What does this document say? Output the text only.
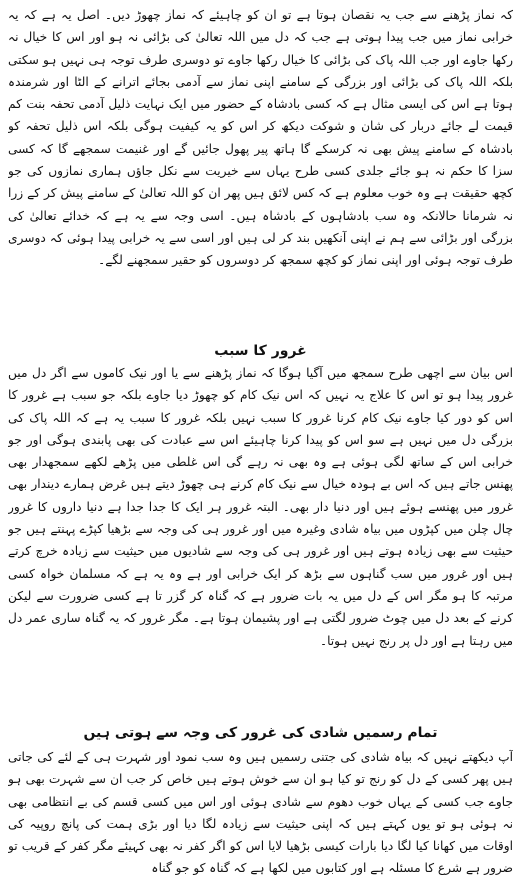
کہ نماز پڑھنے سے جب یہ نقصان ہوتا ہے تو ان کو چاہیئے کہ نماز چھوڑ دیں۔ اصل یہ ہے کہ یہ خرابی نماز میں جب پیدا ہوتی ہے جب کہ دل میں اللہ تعالیٰ کی بڑائی نہ ہو اور اس کا خیال نہ رکھا جاوے اور جب اللہ پاک کی بڑائی کا خیال رکھا جاوے تو دوسری طرف توجہ ہی نہیں ہو سکتی بلکہ اللہ پاک کی بڑائی اور بزرگی کے سامنے اپنی نماز سے آدمی بجائے اترانے کے الٹا اور شرمندہ ہوتا ہے اس کی ایسی مثال ہے کہ کسی بادشاہ کے حضور میں ایک نہایت ذلیل آدمی تحفہ بنت کم قیمت لے جائے دربار کی شان و شوکت دیکھ کر اس کو یہ کیفیت ہوگی بلکہ اس ذلیل تحفہ کو بادشاہ کے سامنے پیش بھی نہ کرسکے گا ہاتھ پیر پھول جائیں گے اور غنیمت سمجھے گا کہ کسی سزا کا حکم نہ ہو جائے جلدی کسی طرح یہاں سے خیریت سے نکل جاؤں ہماری نمازوں کی جو کچھ حقیقت ہے وہ خوب معلوم ہے کہ کس لائق ہیں پھر ان کو اللہ تعالیٰ کے سامنے پیش کر کے زرا نہ شرمانا حالانکہ وہ سب بادشاہوں کے بادشاہ ہیں۔ اسی وجہ سے یہ ہے کہ خدائے تعالیٰ کی بزرگی اور بڑائی سے ہم نے اپنی آنکھیں بند کر لی ہیں اور اسی سے یہ خرابی پیدا ہوئی کہ دوسری طرف توجہ ہوئی اور اپنی نماز کو کچھ سمجھ کر دوسروں کو حقیر سمجھنے لگے۔

غرور کا سبب

اس بیان سے اچھی طرح سمجھ میں آگیا ہوگا کہ نماز پڑھنے سے یا اور نیک کاموں سے اگر دل میں غرور پیدا ہو تو اس کا علاج یہ نہیں کہ اس نیک کام کو چھوڑ دیا جاوے بلکہ جو سبب ہے غرور کا اس کو دور کیا جاوے نیک کام کرنا غرور کا سبب نہیں بلکہ غرور کا سبب یہ ہے کہ اللہ پاک کی بزرگی دل میں نہیں ہے سو اس کو پیدا کرنا چاہیئے اس سے عبادت کی بھی پابندی ہوگی اور جو خرابی اس کے ساتھ لگی ہوئی ہے وہ بھی نہ رہے گی اس غلطی میں پڑھے لکھے سمجھدار بھی پھنس جاتے ہیں کہ اس بے ہودہ خیال سے نیک کام کرنے ہی چھوڑ دیتے ہیں غرض ہمارے دیندار بھی غرور میں پھنسے ہوئے ہیں اور دنیا دار بھی۔ البتہ غرور ہر ایک کا جدا جدا ہے دنیا داروں کا غرور چال چلن میں کپڑوں میں بیاہ شادی وغیرہ میں اور غرور ہی کی وجہ سے بڑھیا کپڑے پہنتے ہیں جو حیثیت سے بھی زیادہ ہوتے ہیں اور غرور ہی کی وجہ سے شادیوں میں حیثیت سے زیادہ خرچ کرتے ہیں اور غرور میں سب گناہوں سے بڑھ کر ایک خرابی اور ہے وہ یہ ہے کہ مسلمان خواہ کسی مرتبہ کا ہو مگر اس کے دل میں یہ بات ضرور ہے کہ گناہ کر گزر تا ہے کسی ضرورت سے لیکن کرنے کے بعد دل میں چوٹ ضرور لگتی ہے اور پشیمان ہوتا ہے۔ مگر غرور کہ یہ گناہ ساری عمر دل میں رہتا ہے اور دل پر رنج نہیں ہوتا۔

تمام رسمیں شادی کی غرور کی وجہ سے ہوتی ہیں

آپ دیکھتے نہیں کہ بیاہ شادی کی جتنی رسمیں ہیں وہ سب نمود اور شہرت ہی کے لئے کی جاتی ہیں پھر کسی کے دل کو رنج تو کیا ہو ان سے خوش ہوتے ہیں خاص کر جب ان سے شہرت بھی ہو جاوے جب کسی کے یہاں خوب دھوم سے شادی ہوئی اور اس میں کسی قسم کی بے انتظامی بھی نہ ہوئی ہو تو یوں کہتے ہیں کہ اپنی حیثیت سے زیادہ لگا دیا اور بڑی ہمت کی پانچ روپیہ کی اوقات میں کھانا کیا لگا دیا بارات کیسی بڑھیا لایا اس کو اگر کفر نہ بھی کہیئے مگر کفر کے قریب تو ضرور ہے شرع کا مسئلہ ہے اور کتابوں میں لکھا ہے کہ گناہ کو جو گناہ
